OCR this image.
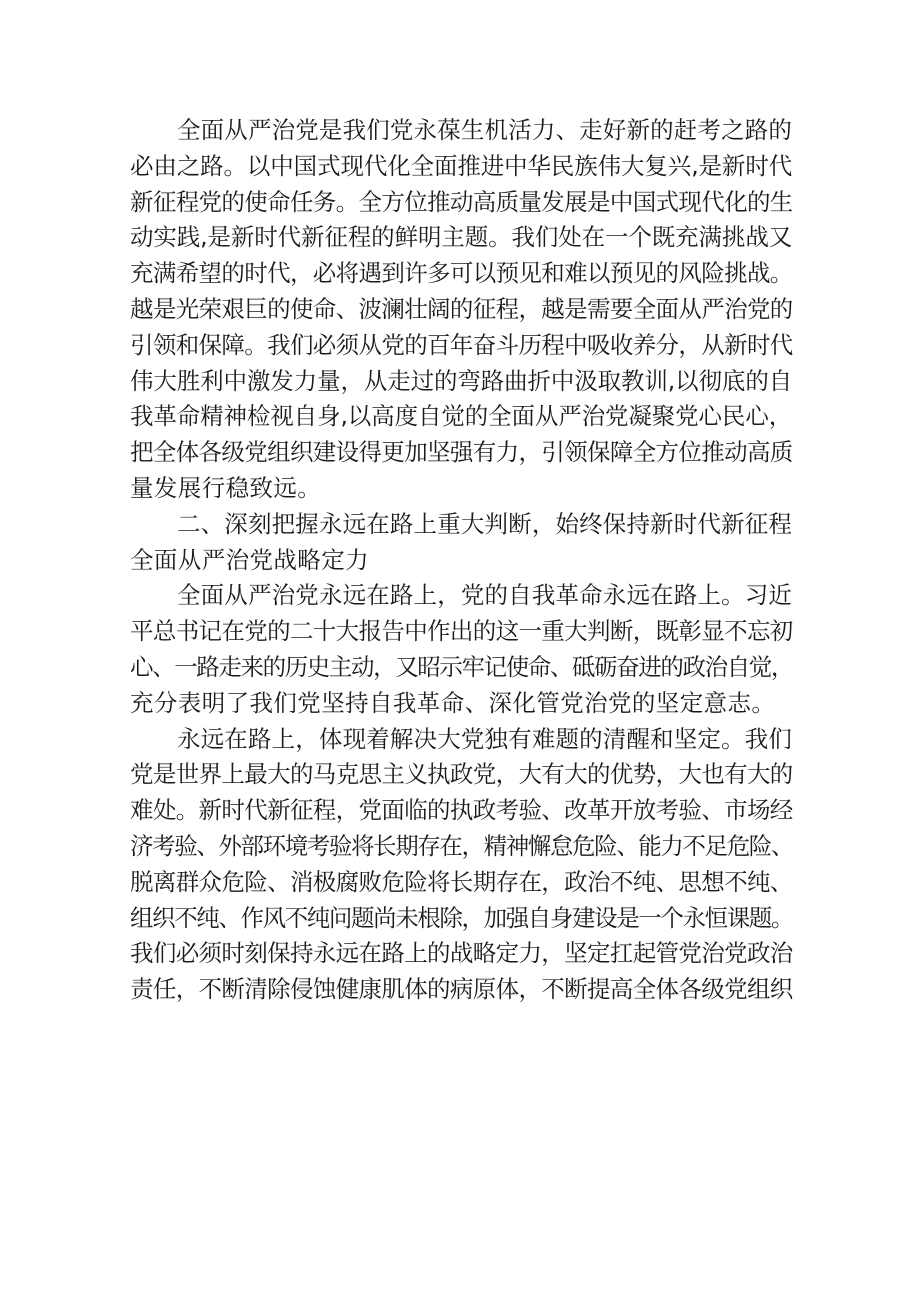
全面从严治党是我们党永葆生机活力、走好新的赶考之路的
必由之路。以中国式现代化全面推进中华民族伟大复兴,是新时代
新征程党的使命任务。全方位推动高质量发展是中国式现代化的生
动实践,是新时代新征程的鲜明主题。我们处在一个既充满挑战又
充满希望的时代，必将遇到许多可以预见和难以预见的风险挑战。
越是光荣艰巨的使命、波澜壮阔的征程，越是需要全面从严治党的
引领和保障。我们必须从党的百年奋斗历程中吸收养分，从新时代
伟大胜利中激发力量，从走过的弯路曲折中汲取教训,以彻底的自
我革命精神检视自身,以高度自觉的全面从严治党凝聚党心民心，
把全体各级党组织建设得更加坚强有力，引领保障全方位推动高质
量发展行稳致远。
二、深刻把握永远在路上重大判断，始终保持新时代新征程
全面从严治党战略定力
全面从严治党永远在路上，党的自我革命永远在路上。习近
平总书记在党的二十大报告中作出的这一重大判断，既彰显不忘初
心、一路走来的历史主动，又昭示牢记使命、砥砺奋进的政治自觉，
充分表明了我们党坚持自我革命、深化管党治党的坚定意志。
永远在路上，体现着解决大党独有难题的清醒和坚定。我们
党是世界上最大的马克思主义执政党，大有大的优势，大也有大的
难处。新时代新征程，党面临的执政考验、改革开放考验、市场经
济考验、外部环境考验将长期存在，精神懈怠危险、能力不足危险、
脱离群众危险、消极腐败危险将长期存在，政治不纯、思想不纯、
组织不纯、作风不纯问题尚未根除，加强自身建设是一个永恒课题。
我们必须时刻保持永远在路上的战略定力，坚定扛起管党治党政治
责任，不断清除侵蚀健康肌体的病原体，不断提高全体各级党组织
